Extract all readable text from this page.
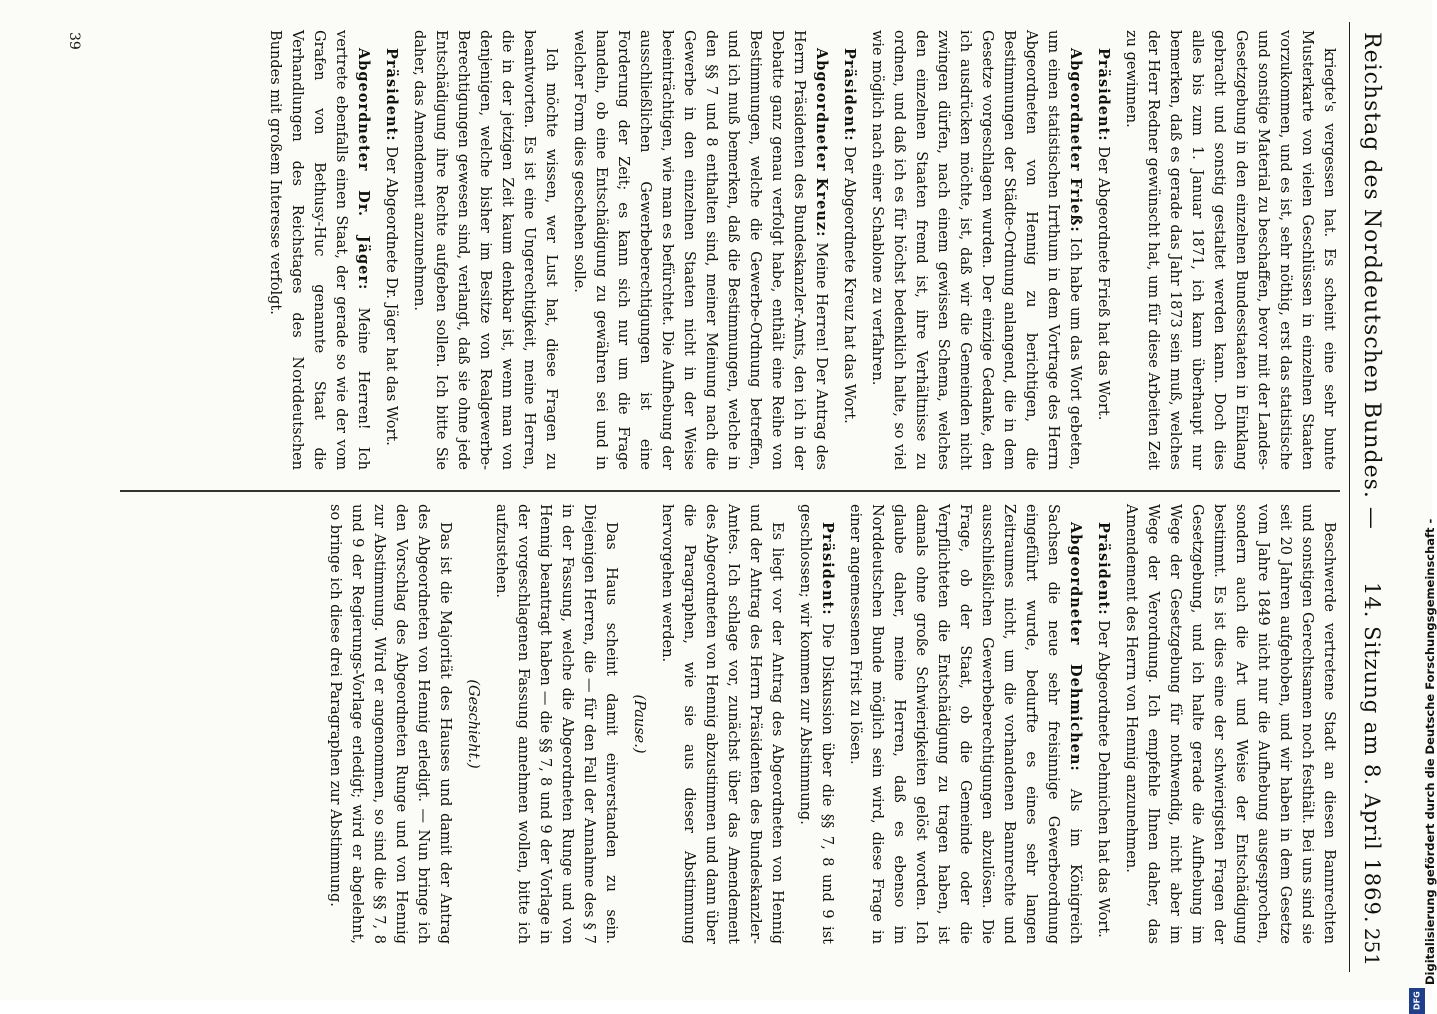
Reichstag des Norddeutschen Bundes. —
14. Sitzung am 8. April 1869.
251

kriegte's vergessen hat. Es scheint eine sehr bunte Musterkarte von vielen Geschlüssen in einzelnen Staaten vorzukommen, und es ist, sehr nöthig, erst das statistische und sonstige Material zu beschaffen, bevor mit der Landes-Gesetzgebung in den einzelnen Bundesstaaten in Einklang gebracht und sonstig gestaltet werden kann. Doch dies alles bis zum 1. Januar 1871, ich kann überhaupt nur bemerken, daß es gerade das Jahr 1873 sein muß, welches der Herr Redner gewünscht hat, um für diese Arbeiten Zeit zu gewinnen.

Präsident: Der Abgeordnete Frieß hat das Wort.

Abgeordneter Frieß: Ich habe um das Wort gebeten, um einen statistischen Irrthum in dem Vortrage des Herrn Abgeordneten von Hennig zu berichtigen, die Bestimmungen der Städte-Ordnung anlangend, die in dem Gesetze vorgeschlagen wurden. Der einzige Gedanke, den ich ausdrücken möchte, ist, daß wir die Gemeinden nicht zwingen dürfen, nach einem gewissen Schema, welches den einzelnen Staaten fremd ist, ihre Verhältnisse zu ordnen, und daß ich es für höchst bedenklich halte, so viel wie möglich nach einer Schablone zu verfahren.

Präsident: Der Abgeordnete Kreuz hat das Wort.

Abgeordneter Kreuz: Meine Herren! Der Antrag des Herrn Präsidenten des Bundeskanzler-Amts, den ich in der Debatte ganz genau verfolgt habe, enthält eine Reihe von Bestimmungen, welche die Gewerbe-Ordnung betreffen, und ich muß bemerken, daß die Bestimmungen, welche in den §§ 7 und 8 enthalten sind, meiner Meinung nach die Gewerbe in den einzelnen Staaten nicht in der Weise beeinträchtigen, wie man es befürchtet. Die Aufhebung der ausschließlichen Gewerbeberechtigungen ist eine Forderung der Zeit; es kann sich nur um die Frage handeln, ob eine Entschädigung zu gewähren sei und in welcher Form dies geschehen solle.

Ich möchte wissen, wer Lust hat, diese Fragen zu beantworten. Es ist eine Ungerechtigkeit, meine Herren, die in der jetzigen Zeit kaum denkbar ist, wenn man von denjenigen, welche bisher im Besitze von Realgewerbe-Berechtigungen gewesen sind, verlangt, daß sie ohne jede Entschädigung ihre Rechte aufgeben sollen. Ich bitte Sie daher, das Amendement anzunehmen.

Präsident: Der Abgeordnete Dr. Jäger hat das Wort.

Abgeordneter Dr. Jäger: Meine Herren! Ich vertrete ebenfalls einen Staat, der gerade so wie der vom Grafen von Bethusy-Huc genannte Staat die Verhandlungen des Reichstages des Norddeutschen Bundes mit großem Interesse verfolgt.

Beschwerde vertretene Stadt an diesen Bannrechten und sonstigen Gerechtsamen noch festhält. Bei uns sind sie seit 20 Jahren aufgehoben, und wir haben in dem Gesetze vom Jahre 1849 nicht nur die Aufhebung ausgesprochen, sondern auch die Art und Weise der Entschädigung bestimmt. Es ist dies eine der schwierigsten Fragen der Gesetzgebung, und ich halte gerade die Aufhebung im Wege der Gesetzgebung für nothwendig, nicht aber im Wege der Verordnung. Ich empfehle Ihnen daher, das Amendement des Herrn von Hennig anzunehmen.

Präsident: Der Abgeordnete Dehmichen hat das Wort.

Abgeordneter Dehmichen: Als im Königreich Sachsen die neue sehr freisinnige Gewerbeordnung eingeführt wurde, bedurfte es eines sehr langen Zeitraumes nicht, um die vorhandenen Bannrechte und ausschließlichen Gewerbeberechtigungen abzulösen. Die Frage, ob der Staat, ob die Gemeinde oder die Verpflichteten die Entschädigung zu tragen haben, ist damals ohne große Schwierigkeiten gelöst worden. Ich glaube daher, meine Herren, daß es ebenso im Norddeutschen Bunde möglich sein wird, diese Frage in einer angemessenen Frist zu lösen.

Präsident: Die Diskussion über die §§ 7, 8 und 9 ist geschlossen; wir kommen zur Abstimmung.

Es liegt vor der Antrag des Abgeordneten von Hennig und der Antrag des Herrn Präsidenten des Bundeskanzler-Amtes. Ich schlage vor, zunächst über das Amendement des Abgeordneten von Hennig abzustimmen und dann über die Paragraphen, wie sie aus dieser Abstimmung hervorgehen werden.

(Pause.)

Das Haus scheint damit einverstanden zu sein. Diejenigen Herren, die — für den Fall der Annahme des § 7 in der Fassung, welche die Abgeordneten Runge und von Hennig beantragt haben — die §§ 7, 8 und 9 der Vorlage in der vorgeschlagenen Fassung annehmen wollen, bitte ich aufzustehen.

(Geschieht.)

Das ist die Majorität des Hauses und damit der Antrag des Abgeordneten von Hennig erledigt. — Nun bringe ich den Vorschlag des Abgeordneten Runge und von Hennig zur Abstimmung. Wird er angenommen, so sind die §§ 7, 8 und 9 der Regierungs-Vorlage erledigt; wird er abgelehnt, so bringe ich diese drei Paragraphen zur Abstimmung.

39
Digitalisierung gefördert durch die Deutsche Forschungsgemeinschaft -
DFG
